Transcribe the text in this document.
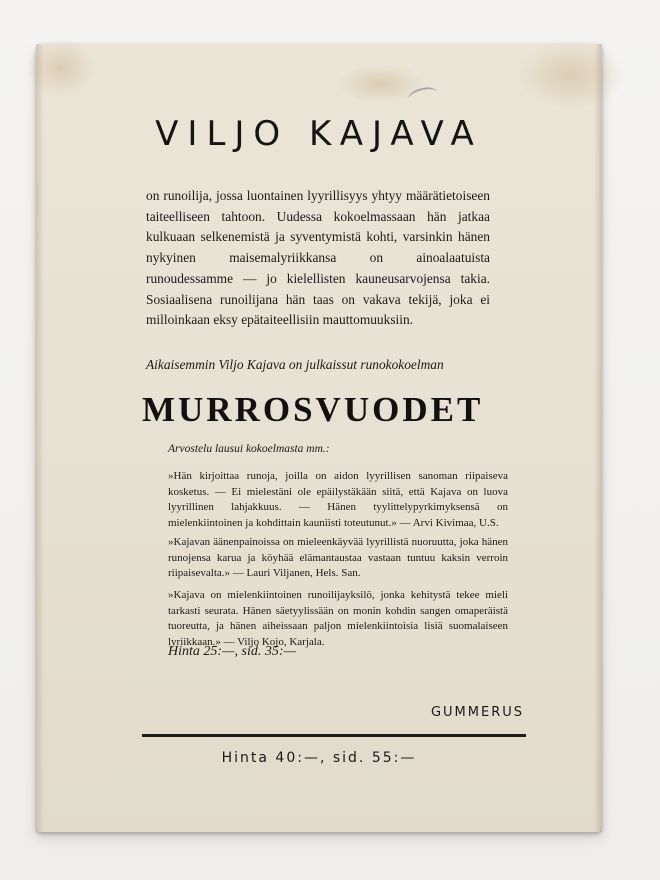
VILJO KAJAVA

on runoilija, jossa luontainen lyyrillisyys yhtyy määrätietoiseen taiteelliseen tahtoon. Uudessa kokoelmassaan hän jatkaa kulkuaan selkenemistä ja syventymistä kohti, varsinkin hänen nykyinen maisemalyriikkansa on ainoalaatuista runoudessamme — jo kielellisten kauneusarvojensa takia. Sosiaalisena runoilijana hän taas on vakava tekijä, joka ei milloinkaan eksy epätaiteellisiin mauttomuuksiin.

Aikaisemmin Viljo Kajava on julkaissut runokokoelman

MURROSVUODET

Arvostelu lausui kokoelmasta mm.:

»Hän kirjoittaa runoja, joilla on aidon lyyrillisen sanoman riipaiseva kosketus. — Ei mielestäni ole epäilystäkään siitä, että Kajava on luova lyyrillinen lahjakkuus. — Hänen tyylittelypyrkimyksensä on mielenkiintoinen ja kohdittain kauniisti toteutunut.» — Arvi Kivimaa, U.S.

»Kajavan äänenpainoissa on mieleenkäyvää lyyrillistä nuoruutta, joka hänen runojensa karua ja köyhää elämantaustaa vastaan tuntuu kaksin verroin riipaisevalta.» — Lauri Viljanen, Hels. San.

»Kajava on mielenkiintoinen runoilijayksilö, jonka kehitystä tekee mieli tarkasti seurata. Hänen säetyylissään on monin kohdin sangen omaperäistä tuoreutta, ja hänen aiheissaan paljon mielenkiintoisia lisiä suomalaiseen lyriikkaan.» — Viljo Kojo, Karjala.

Hinta 25:—, sid. 35:—

GUMMERUS

Hinta 40:—, sid. 55:—
